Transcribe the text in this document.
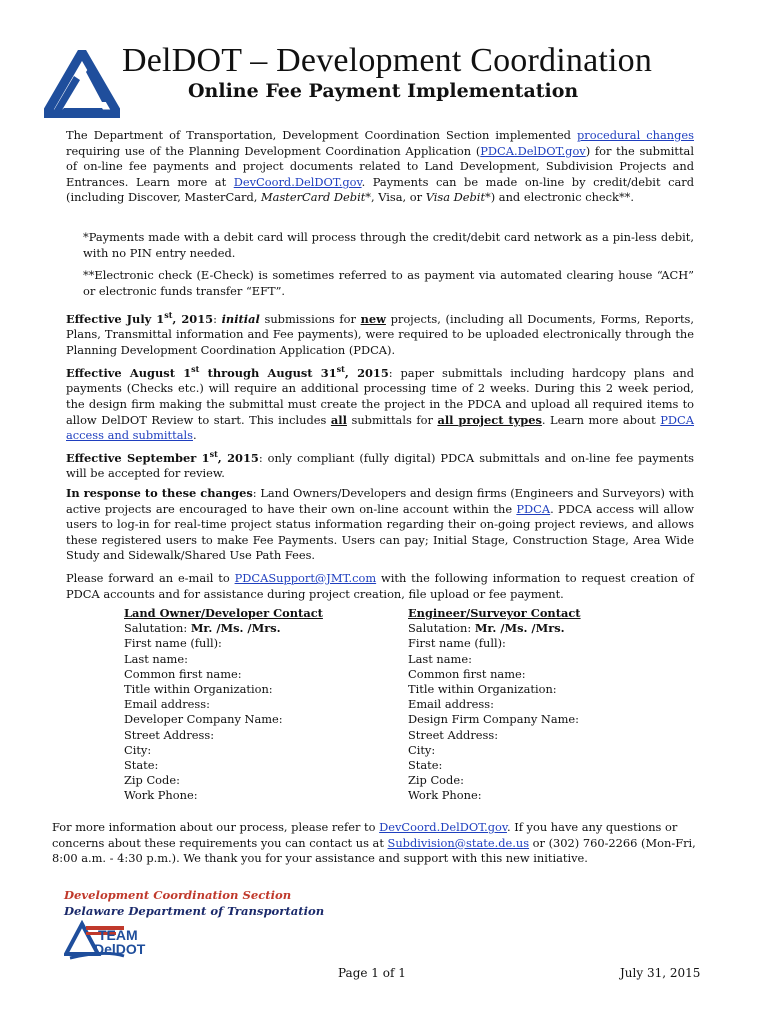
DelDOT – Development Coordination
Online Fee Payment Implementation

The Department of Transportation, Development Coordination Section implemented procedural changes requiring use of the Planning Development Coordination Application (PDCA.DelDOT.gov) for the submittal of on-line fee payments and project documents related to Land Development, Subdivision Projects and Entrances. Learn more at DevCoord.DelDOT.gov. Payments can be made on-line by credit/debit card (including Discover, MasterCard, MasterCard Debit*, Visa, or Visa Debit*) and electronic check**.

*Payments made with a debit card will process through the credit/debit card network as a pin-less debit, with no PIN entry needed.

**Electronic check (E-Check) is sometimes referred to as payment via automated clearing house “ACH” or electronic funds transfer “EFT”.

Effective July 1st, 2015: initial submissions for new projects, (including all Documents, Forms, Reports, Plans, Transmittal information and Fee payments), were required to be uploaded electronically through the Planning Development Coordination Application (PDCA).

Effective August 1st through August 31st, 2015: paper submittals including hardcopy plans and payments (Checks etc.) will require an additional processing time of 2 weeks. During this 2 week period, the design firm making the submittal must create the project in the PDCA and upload all required items to allow DelDOT Review to start. This includes all submittals for all project types. Learn more about PDCA access and submittals.

Effective September 1st, 2015: only compliant (fully digital) PDCA submittals and on-line fee payments will be accepted for review.

In response to these changes: Land Owners/Developers and design firms (Engineers and Surveyors) with active projects are encouraged to have their own on-line account within the PDCA. PDCA access will allow users to log-in for real-time project status information regarding their on-going project reviews, and allows these registered users to make Fee Payments. Users can pay; Initial Stage, Construction Stage, Area Wide Study and Sidewalk/Shared Use Path Fees.

Please forward an e-mail to PDCASupport@JMT.com with the following information to request creation of PDCA accounts and for assistance during project creation, file upload or fee payment.

Land Owner/Developer Contact
Salutation: Mr. /Ms. /Mrs.
First name (full):
Last name:
Common first name:
Title within Organization:
Email address:
Developer Company Name:
Street Address:
City:
State:
Zip Code:
Work Phone:
Engineer/Surveyor Contact
Salutation: Mr. /Ms. /Mrs.
First name (full):
Last name:
Common first name:
Title within Organization:
Email address:
Design Firm Company Name:
Street Address:
City:
State:
Zip Code:
Work Phone:

For more information about our process, please refer to DevCoord.DelDOT.gov. If you have any questions or concerns about these requirements you can contact us at Subdivision@state.de.us or (302) 760-2266 (Mon-Fri, 8:00 a.m. - 4:30 p.m.). We thank you for your assistance and support with this new initiative.

Development Coordination Section
Delaware Department of Transportation
TEAM
DelDOT
Page 1 of 1	July 31, 2015
